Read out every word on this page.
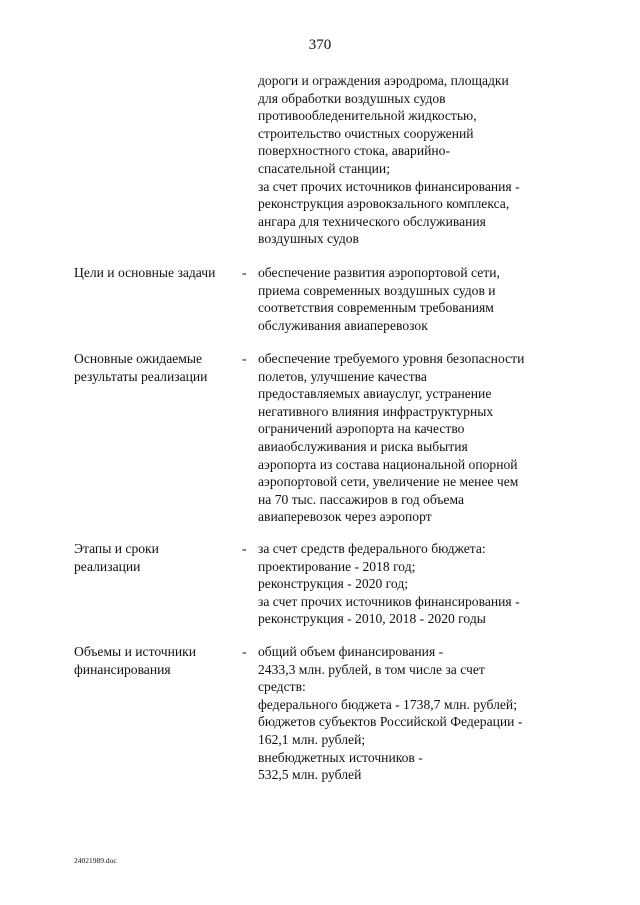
370
дороги и ограждения аэродрома, площадки
для обработки воздушных судов
противообледенительной жидкостью,
строительство очистных сооружений
поверхностного стока, аварийно-
спасательной станции;
за счет прочих источников финансирования -
реконструкция аэровокзального комплекса,
ангара для технического обслуживания
воздушных судов
Цели и основные задачи	- обеспечение развития аэропортовой сети,
приема современных воздушных судов и
соответствия современным требованиям
обслуживания авиаперевозок
Основные ожидаемые
результаты реализации
- обеспечение требуемого уровня безопасности
полетов, улучшение качества
предоставляемых авиауслуг, устранение
негативного влияния инфраструктурных
ограничений аэропорта на качество
авиаобслуживания и риска выбытия
аэропорта из состава национальной опорной
аэропортовой сети, увеличение не менее чем
на 70 тыс. пассажиров в год объема
авиаперевозок через аэропорт
Этапы и сроки
реализации
- за счет средств федерального бюджета:
проектирование - 2018 год;
реконструкция - 2020 год;
за счет прочих источников финансирования -
реконструкция - 2010, 2018 - 2020 годы
Объемы и источники
финансирования
- общий объем финансирования -
2433,3 млн. рублей, в том числе за счет
средств:
федерального бюджета - 1738,7 млн. рублей;
бюджетов субъектов Российской Федерации -
162,1 млн. рублей;
внебюджетных источников -
532,5 млн. рублей
24021989.doc
